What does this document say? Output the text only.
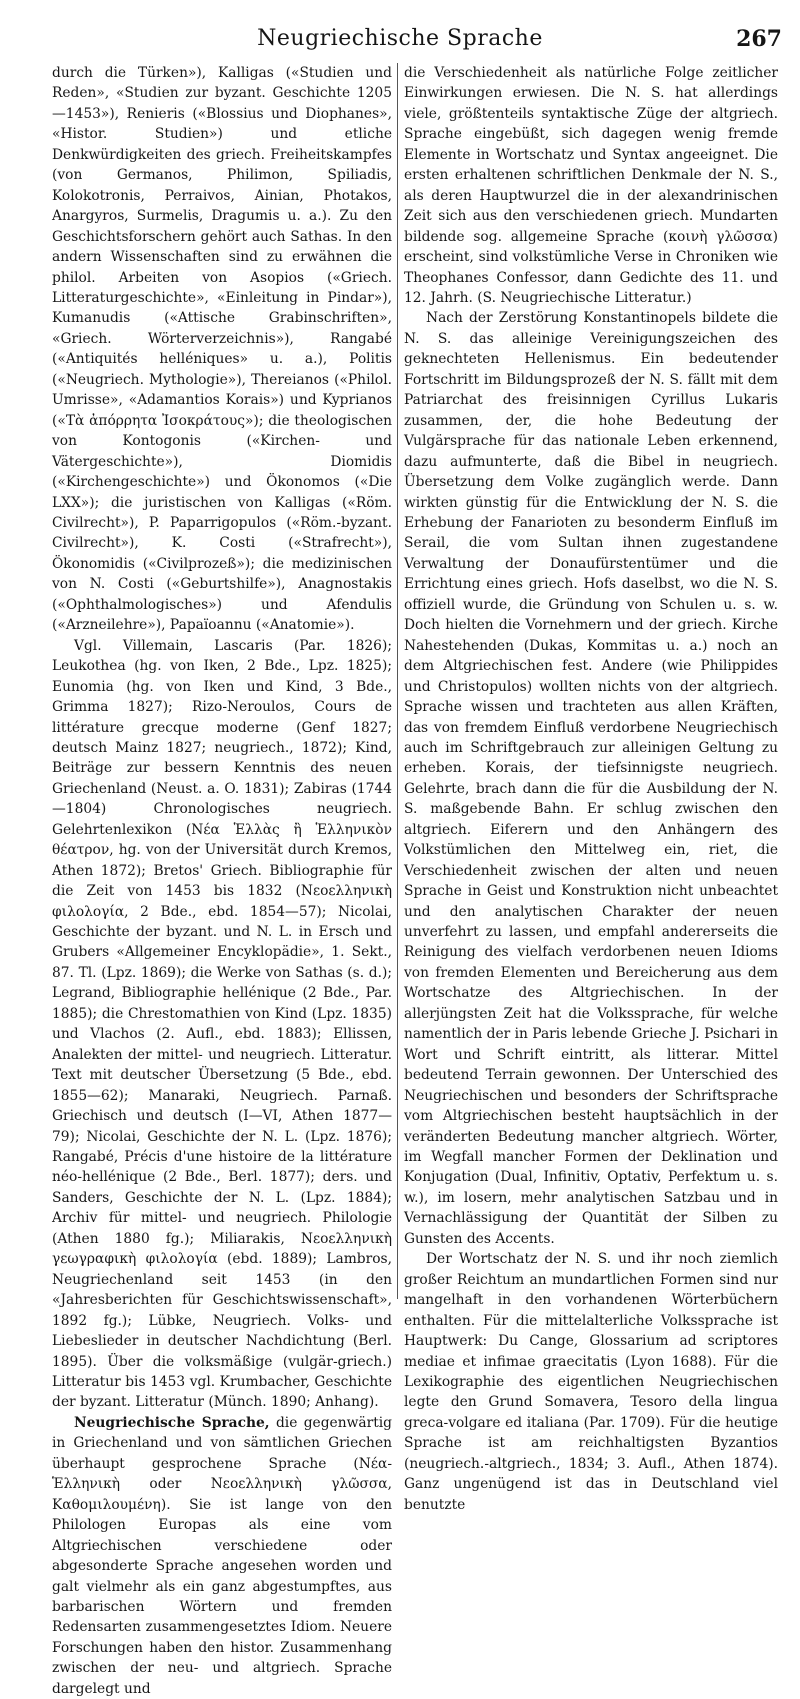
Neugriechische Sprache	267

durch die Türken»), Kalligas («Studien und Reden», «Studien zur byzant. Geschichte 1205—1453»), Renieris («Blossius und Diophanes», «Histor. Studien») und etliche Denkwürdigkeiten des griech. Freiheitskampfes (von Germanos, Philimon, Spiliadis, Kolokotronis, Perraivos, Ainian, Photakos, Anargyros, Surmelis, Dragumis u. a.). Zu den Geschichtsforschern gehört auch Sathas. In den andern Wissenschaften sind zu erwähnen die philol. Arbeiten von Asopios («Griech. Litteraturgeschichte», «Einleitung in Pindar»), Kumanudis («Attische Grabinschriften», «Griech. Wörterverzeichnis»), Rangabé («Antiquités helléniques» u. a.), Politis («Neugriech. Mythologie»), Thereianos («Philol. Umrisse», «Adamantios Korais») und Kyprianos («Τὰ ἀπόρρητα Ἰσοκράτους»); die theologischen von Kontogonis («Kirchen- und Vätergeschichte»), Diomidis («Kirchengeschichte») und Ökonomos («Die LXX»); die juristischen von Kalligas («Röm. Civilrecht»), P. Paparrigopulos («Röm.-byzant. Civilrecht»), K. Costi («Strafrecht»), Ökonomidis («Civilprozeß»); die medizinischen von N. Costi («Geburtshilfe»), Anagnostakis («Ophthalmologisches») und Afendulis («Arzneilehre»), Papaïoannu («Anatomie»).

Vgl. Villemain, Lascaris (Par. 1826); Leukothea (hg. von Iken, 2 Bde., Lpz. 1825); Eunomia (hg. von Iken und Kind, 3 Bde., Grimma 1827); Rizo-Neroulos, Cours de littérature grecque moderne (Genf 1827; deutsch Mainz 1827; neugriech., 1872); Kind, Beiträge zur bessern Kenntnis des neuen Griechenland (Neust. a. O. 1831); Zabiras (1744—1804) Chronologisches neugriech. Gelehrtenlexikon (Νέα Ἑλλὰς ἢ Ἑλληνικὸν θέατρον, hg. von der Universität durch Kremos, Athen 1872); Bretos' Griech. Bibliographie für die Zeit von 1453 bis 1832 (Νεοελληνικὴ φιλολογία, 2 Bde., ebd. 1854—57); Nicolai, Geschichte der byzant. und N. L. in Ersch und Grubers «Allgemeiner Encyklopädie», 1. Sekt., 87. Tl. (Lpz. 1869); die Werke von Sathas (s. d.); Legrand, Bibliographie hellénique (2 Bde., Par. 1885); die Chrestomathien von Kind (Lpz. 1835) und Vlachos (2. Aufl., ebd. 1883); Ellissen, Analekten der mittel- und neugriech. Litteratur. Text mit deutscher Übersetzung (5 Bde., ebd. 1855—62); Manaraki, Neugriech. Parnaß. Griechisch und deutsch (I—VI, Athen 1877—79); Nicolai, Geschichte der N. L. (Lpz. 1876); Rangabé, Précis d'une histoire de la littérature néo-hellénique (2 Bde., Berl. 1877); ders. und Sanders, Geschichte der N. L. (Lpz. 1884); Archiv für mittel- und neugriech. Philologie (Athen 1880 fg.); Miliarakis, Νεοελληνικὴ γεωγραφικὴ φιλολογία (ebd. 1889); Lambros, Neugriechenland seit 1453 (in den «Jahresberichten für Geschichtswissenschaft», 1892 fg.); Lübke, Neugriech. Volks- und Liebeslieder in deutscher Nachdichtung (Berl. 1895). Über die volksmäßige (vulgär-griech.) Litteratur bis 1453 vgl. Krumbacher, Geschichte der byzant. Litteratur (Münch. 1890; Anhang).

Neugriechische Sprache, die gegenwärtig in Griechenland und von sämtlichen Griechen überhaupt gesprochene Sprache (Νέα-Ἑλληνικὴ oder Νεοελληνικὴ γλῶσσα, Καθομιλουμένη). Sie ist lange von den Philologen Europas als eine vom Altgriechischen verschiedene oder abgesonderte Sprache angesehen worden und galt vielmehr als ein ganz abgestumpftes, aus barbarischen Wörtern und fremden Redensarten zusammengesetztes Idiom. Neuere Forschungen haben den histor. Zusammenhang zwischen der neu- und altgriech. Sprache dargelegt und

die Verschiedenheit als natürliche Folge zeitlicher Einwirkungen erwiesen. Die N. S. hat allerdings viele, größtenteils syntaktische Züge der altgriech. Sprache eingebüßt, sich dagegen wenig fremde Elemente in Wortschatz und Syntax angeeignet. Die ersten erhaltenen schriftlichen Denkmale der N. S., als deren Hauptwurzel die in der alexandrinischen Zeit sich aus den verschiedenen griech. Mundarten bildende sog. allgemeine Sprache (κοινὴ γλῶσσα) erscheint, sind volkstümliche Verse in Chroniken wie Theophanes Confessor, dann Gedichte des 11. und 12. Jahrh. (S. Neugriechische Litteratur.)

Nach der Zerstörung Konstantinopels bildete die N. S. das alleinige Vereinigungszeichen des geknechteten Hellenismus. Ein bedeutender Fortschritt im Bildungsprozeß der N. S. fällt mit dem Patriarchat des freisinnigen Cyrillus Lukaris zusammen, der, die hohe Bedeutung der Vulgärsprache für das nationale Leben erkennend, dazu aufmunterte, daß die Bibel in neugriech. Übersetzung dem Volke zugänglich werde. Dann wirkten günstig für die Entwicklung der N. S. die Erhebung der Fanarioten zu besonderm Einfluß im Serail, die vom Sultan ihnen zugestandene Verwaltung der Donaufürstentümer und die Errichtung eines griech. Hofs daselbst, wo die N. S. offiziell wurde, die Gründung von Schulen u. s. w. Doch hielten die Vornehmern und der griech. Kirche Nahestehenden (Dukas, Kommitas u. a.) noch an dem Altgriechischen fest. Andere (wie Philippides und Christopulos) wollten nichts von der altgriech. Sprache wissen und trachteten aus allen Kräften, das von fremdem Einfluß verdorbene Neugriechisch auch im Schriftgebrauch zur alleinigen Geltung zu erheben. Korais, der tiefsinnigste neugriech. Gelehrte, brach dann die für die Ausbildung der N. S. maßgebende Bahn. Er schlug zwischen den altgriech. Eiferern und den Anhängern des Volkstümlichen den Mittelweg ein, riet, die Verschiedenheit zwischen der alten und neuen Sprache in Geist und Konstruktion nicht unbeachtet und den analytischen Charakter der neuen unverfehrt zu lassen, und empfahl andererseits die Reinigung des vielfach verdorbenen neuen Idioms von fremden Elementen und Bereicherung aus dem Wortschatze des Altgriechischen. In der allerjüngsten Zeit hat die Volkssprache, für welche namentlich der in Paris lebende Grieche J. Psichari in Wort und Schrift eintritt, als litterar. Mittel bedeutend Terrain gewonnen. Der Unterschied des Neugriechischen und besonders der Schriftsprache vom Altgriechischen besteht hauptsächlich in der veränderten Bedeutung mancher altgriech. Wörter, im Wegfall mancher Formen der Deklination und Konjugation (Dual, Infinitiv, Optativ, Perfektum u. s. w.), im losern, mehr analytischen Satzbau und in Vernachlässigung der Quantität der Silben zu Gunsten des Accents.

Der Wortschatz der N. S. und ihr noch ziemlich großer Reichtum an mundartlichen Formen sind nur mangelhaft in den vorhandenen Wörterbüchern enthalten. Für die mittelalterliche Volkssprache ist Hauptwerk: Du Cange, Glossarium ad scriptores mediae et infimae graecitatis (Lyon 1688). Für die Lexikographie des eigentlichen Neugriechischen legte den Grund Somavera, Tesoro della lingua greca-volgare ed italiana (Par. 1709). Für die heutige Sprache ist am reichhaltigsten Byzantios (neugriech.-altgriech., 1834; 3. Aufl., Athen 1874). Ganz ungenügend ist das in Deutschland viel benutzte
